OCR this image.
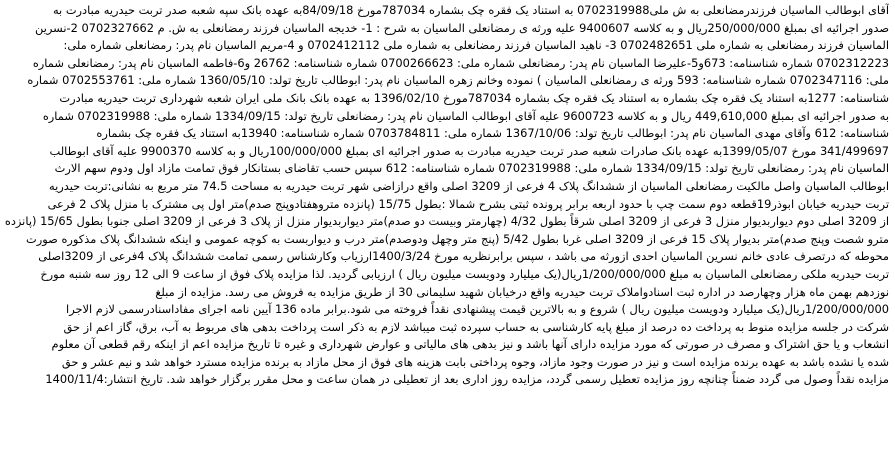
آقای ابوطالب الماسیان فرزندرمضانعلی به ش ملی0702319988 به استناد یک فقره چک بشماره 787034مورخ 84/09/18به عهده بانک سپه شعبه صدر تربت حیدریه مبادرت به
صدور اجرائیه ای بمبلغ 250/000/000ریال و به کلاسه 9400607 علیه ورثه ی رمضانعلی الماسیان به شرح : 1- خدیجه الماسیان فرزند رمضانعلی به ش. م 0702327662 2-نسرین
الماسیان فرزند رمضانعلی به شماره ملی 0702482651 3- ناهید الماسیان فرزند رمضانعلی به شماره ملی 0702412112 و 4-مریم الماسیان نام پدر: رمضانعلی شماره ملی:
0702312223 شماره شناسنامه: 673و5-علیرضا الماسیان نام پدر: رمضانعلی شماره ملی: 0700266623 شماره شناسنامه: 26762 و6-فاطمه الماسیان نام پدر: رمضانعلی شماره
ملی: 0702347116 شماره شناسنامه: 593 ورثه ی رمضانعلی الماسیان ) نموده وخانم زهره الماسیان نام پدر: ابوطالب تاریخ تولد: 1360/05/10 شماره ملی: 0702553761 شماره
شناسنامه: 1277به استناد یک فقره چک بشماره به استناد یک فقره چک بشماره 787034مورخ 1396/02/10 به عهده بانک بانک ملی ایران شعبه شهرداری تربت حیدریه مبادرت
به صدور اجرائیه ای بمبلغ 449,610,000 ریال و به کلاسه 9600723 علیه آقای ابوطالب الماسیان نام پدر: رمضانعلی تاریخ تولد: 1334/09/15 شماره ملی: 0702319988 شماره
شناسنامه: 612 وآقای مهدی الماسیان نام پدر: ابوطالب تاریخ تولد: 1367/10/06 شماره ملی: 0703784811 شماره شناسنامه: 13940به استناد یک فقره چک بشماره
341/499697 مورخ 1399/05/07به عهده بانک صادرات شعبه صدر تربت حیدریه مبادرت به صدور اجرائیه ای بمبلغ 100/000/000ریال و به کلاسه 9900370 علیه آقای ابوطالب
الماسیان نام پدر: رمضانعلی تاریخ تولد: 1334/09/15 شماره ملی: 0702319988 شماره شناسنامه: 612 سپس حسب تقاضای بستانکار فوق تمامت مازاد اول ودوم سهم الارث
ابوطالب الماسیان واصل مالکیت رمضانعلی الماسیان از ششدانگ پلاک 4 فرعی از 3209 اصلی واقع درازاضی شهر تربت حیدریه به مساحت 74.5 متر مربع به نشانی:تربت حیدریه
تربت حیدریه خیابان ابوذر19قطعه دوم سمت چپ با حدود اربعه برابر پرونده ثبتی بشرح شمالا :بطول 15/75 (پانزده متروهفتادوپنج صدم)متر اول پی مشترک با منزل پلاک 2 فرعی
از 3209 اصلی دوم دیواربدیوار منزل 3 فرعی از 3209 اصلی شرقاً بطول 4/32 (چهارمتر وبیست دو صدم)متر دیواربدیوار منزل از پلاک 3 فرعی از 3209 اصلی جنوبا بطول 15/65 (پانزده
مترو شصت وپنج صدم)متر بدیوار پلاک 15 فرعی از 3209 اصلی غربا بطول 5/42 (پنج متر وچهل ودوصدم)متر درب و دیواربست به کوچه عمومی و اینکه ششدانگ پلاک مذکوره صورت
محوطه که درتصرف عادی خانم نسرین الماسیان احدی ازورثه می باشد ، سپس برابرنظریه مورخ 1400/3/24ارزیاب وکارشناس رسمی تمامت ششدانگ پلاک 4فرعی از 3209اصلی
تربت حیدریه ملکی رمضانعلی الماسیان به مبلغ 1/200/000/000ریال(یک میلیارد ودویست میلیون ریال ) ارزیابی گردید. لذا مزایده پلاک فوق از ساعت 9 الی 12 روز سه شنبه مورخ
نوزدهم بهمن ماه هزار وچهارصد در اداره ثبت اسنادواملاک تربت حیدریه واقع درخیابان شهید سلیمانی 30 از طریق مزایده به فروش می رسد. مزایده از مبلغ
1/200/000/000ریال(یک میلیارد ودویست میلیون ریال ) شروع و به بالاترین قیمت پیشنهادی نقداً فروخته می شود.برابر ماده 136 آیین نامه اجرای مفاداسنادرسمی لازم الاجرا
شرکت در جلسه مزایده منوط به پرداخت ده درصد از مبلغ پایه کارشناسی به حساب سپرده ثبت میباشد لازم به ذکر است پرداخت بدهی های مربوط به آب، برق، گاز اعم از حق
انشعاب و یا حق اشتراک و مصرف در صورتی که مورد مزایده دارای آنها باشد و نیز بدهی های مالیاتی و عوارض شهرداری و غیره تا تاریخ مزایده اعم از اینکه رقم قطعی آن معلوم
شده یا نشده باشد به عهده برنده مزایده است و نیز در صورت وجود مازاد، وجوه پرداختی بابت هزینه های فوق از محل مازاد به برنده مزایده مسترد خواهد شد و نیم عشر و حق
مزایده نقداً وصول می گردد ضمناً چنانچه روز مزایده تعطیل رسمی گردد، مزایده روز اداری بعد از تعطیلی در همان ساعت و محل مقرر برگزار خواهد شد. تاریخ انتشار:1400/11/4
